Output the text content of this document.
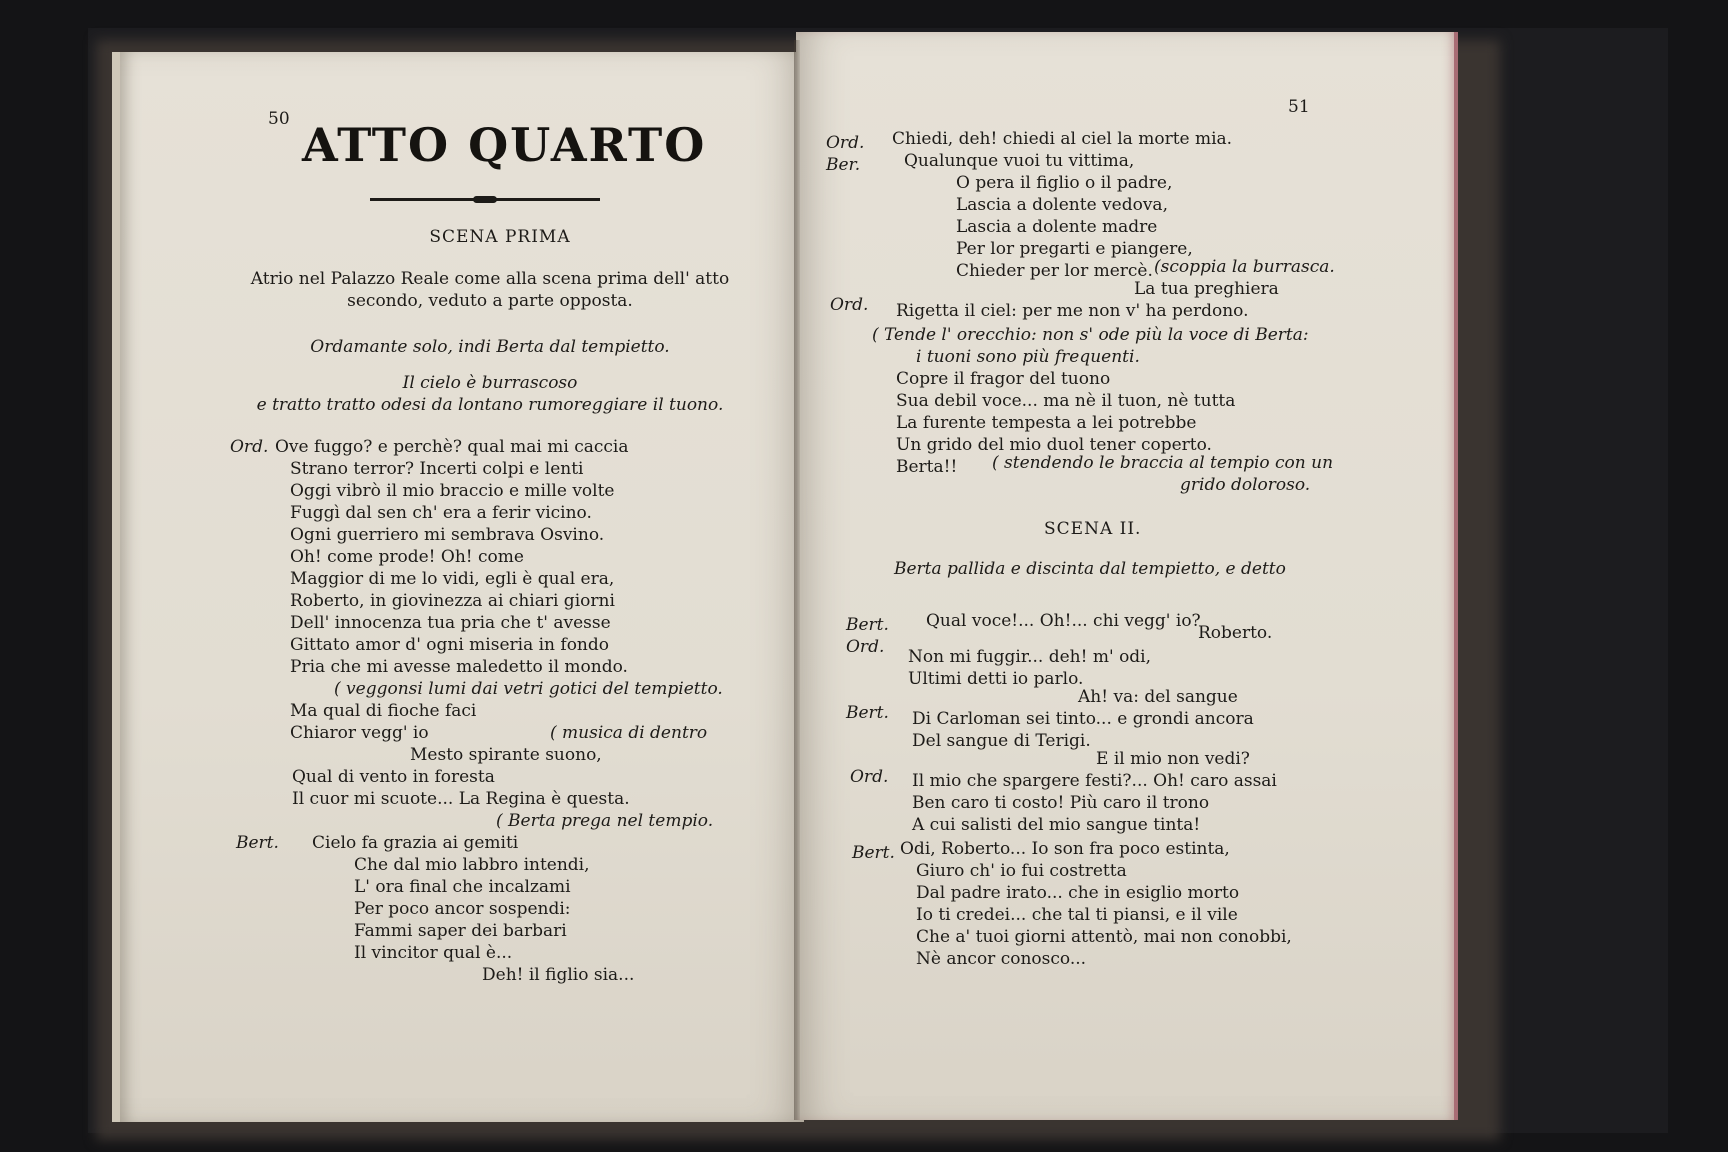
50 ATTO QUARTO
SCENA PRIMA
Atrio nel Palazzo Reale come alla scena prima dell' atto
secondo, veduto a parte opposta.
Ordamante solo, indi Berta dal tempietto.
Il cielo è burrascoso
e tratto tratto odesi da lontano rumoreggiare il tuono.
Ord. Ove fuggo? e perchè? qual mai mi caccia
Strano terror? Incerti colpi e lenti
Oggi vibrò il mio braccio e mille volte
Fuggì dal sen ch' era a ferir vicino.
Ogni guerriero mi sembrava Osvino.
Oh! come prode! Oh! come
Maggior di me lo vidi, egli è qual era,
Roberto, in giovinezza ai chiari giorni
Dell' innocenza tua pria che t' avesse
Gittato amor d' ogni miseria in fondo
Pria che mi avesse maledetto il mondo.
( veggonsi lumi dai vetri gotici del tempietto.
Ma qual di fioche faci
Chiaror vegg' io	( musica di dentro
Mesto spirante suono,
Qual di vento in foresta
Il cuor mi scuote... La Regina è questa.
( Berta prega nel tempio.
Bert. Cielo fa grazia ai gemiti
Che dal mio labbro intendi,
L' ora final che incalzami
Per poco ancor sospendi:
Fammi saper dei barbari
Il vincitor qual è...
Deh! il figlio sia...
51
Ord. Chiedi, deh! chiedi al ciel la morte mia.
Ber.	Qualunque vuoi tu vittima,
O pera il figlio o il padre,
Lascia a dolente vedova,
Lascia a dolente madre
Per lor pregarti e piangere,
Chieder per lor mercè. (scoppia la burrasca.
La tua preghiera
Ord. Rigetta il ciel: per me non v' ha perdono.
( Tende l' orecchio: non s' ode più la voce di Berta:
i tuoni sono più frequenti.
Copre il fragor del tuono
Sua debil voce... ma nè il tuon, nè tutta
La furente tempesta a lei potrebbe
Un grido del mio duol tener coperto.
Berta!! ( stendendo le braccia al tempio con un
grido doloroso.
SCENA II.
Berta pallida e discinta dal tempietto, e detto
Bert. Qual voce!... Oh!... chi vegg' io?
Roberto.
Ord. Non mi fuggir... deh! m' odi,
Ultimi detti io parlo.
Ah! va: del sangue
Bert. Di Carloman sei tinto... e grondi ancora
Del sangue di Terigi.
E il mio non vedi?
Ord. Il mio che spargere festi?... Oh! caro assai
Ben caro ti costo! Più caro il trono
A cui salisti del mio sangue tinta!
Bert. Odi, Roberto... Io son fra poco estinta,
Giuro ch' io fui costretta
Dal padre irato... che in esiglio morto
Io ti credei... che tal ti piansi, e il vile
Che a' tuoi giorni attentò, mai non conobbi,
Nè ancor conosco...
